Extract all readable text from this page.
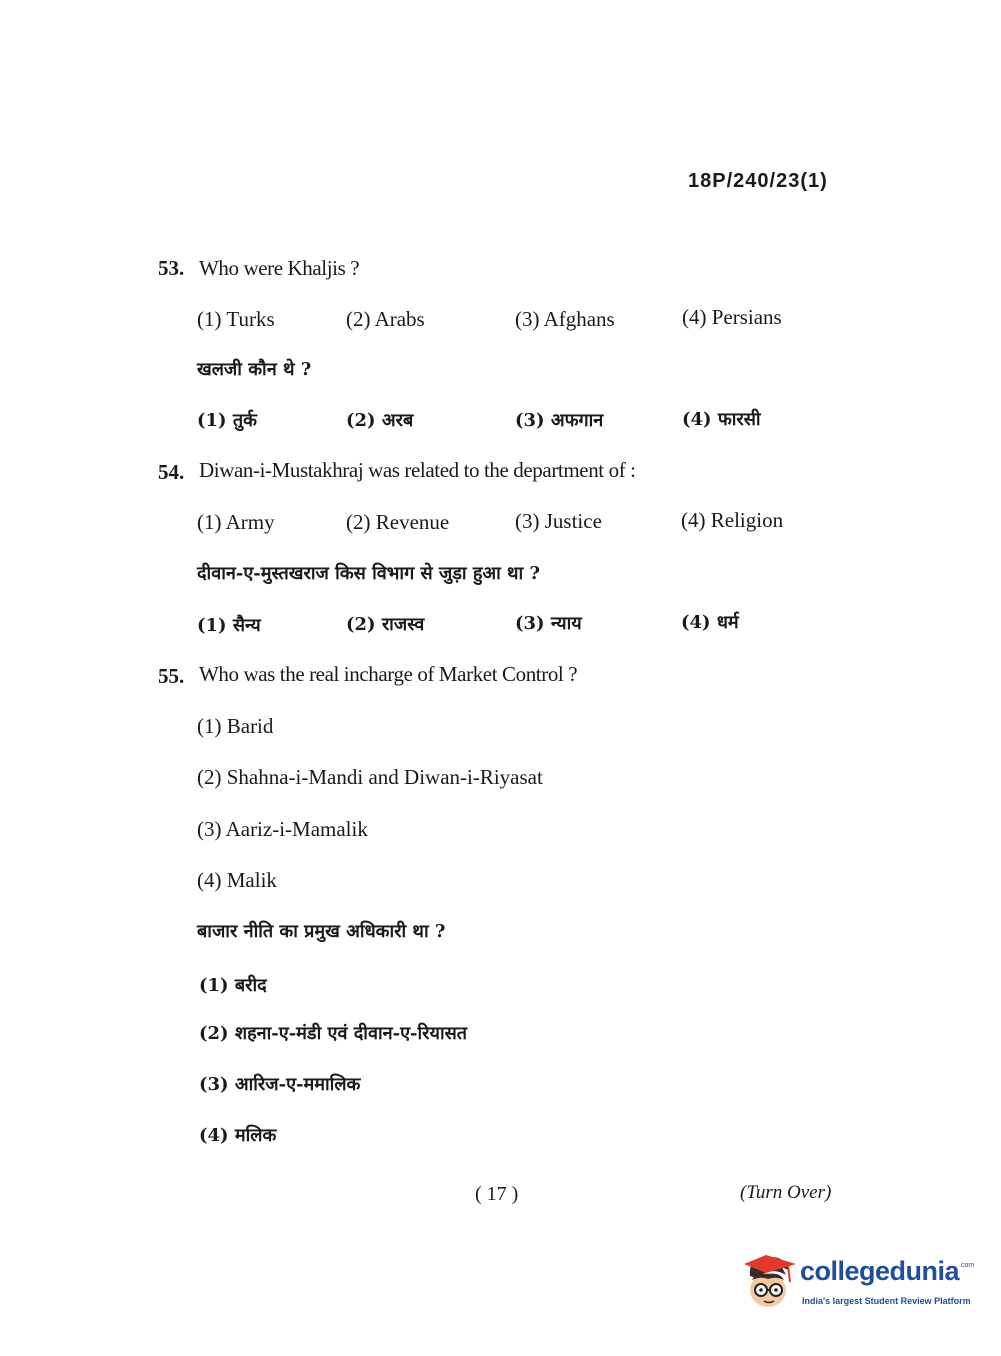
18P/240/23(1)
53. Who were Khaljis ?
(1) Turks	(2) Arabs	(3) Afghans	(4) Persians
खलजी कौन थे ?
(1) तुर्क	(2) अरब	(3) अफगान	(4) फारसी
54. Diwan-i-Mustakhraj was related to the department of :
(1) Army	(2) Revenue	(3) Justice	(4) Religion
दीवान-ए-मुस्तखराज किस विभाग से जुड़ा हुआ था ?
(1) सैन्य	(2) राजस्व	(3) न्याय	(4) धर्म
55. Who was the real incharge of Market Control ?
(1) Barid
(2) Shahna-i-Mandi and Diwan-i-Riyasat
(3) Aariz-i-Mamalik
(4) Malik
बाजार नीति का प्रमुख अधिकारी था ?
(1) बरीद
(2) शहना-ए-मंडी एवं दीवान-ए-रियासत
(3) आरिज-ए-ममालिक
(4) मलिक
( 17 )	(Turn Over)
collegedunia .com
India's largest Student Review Platform
